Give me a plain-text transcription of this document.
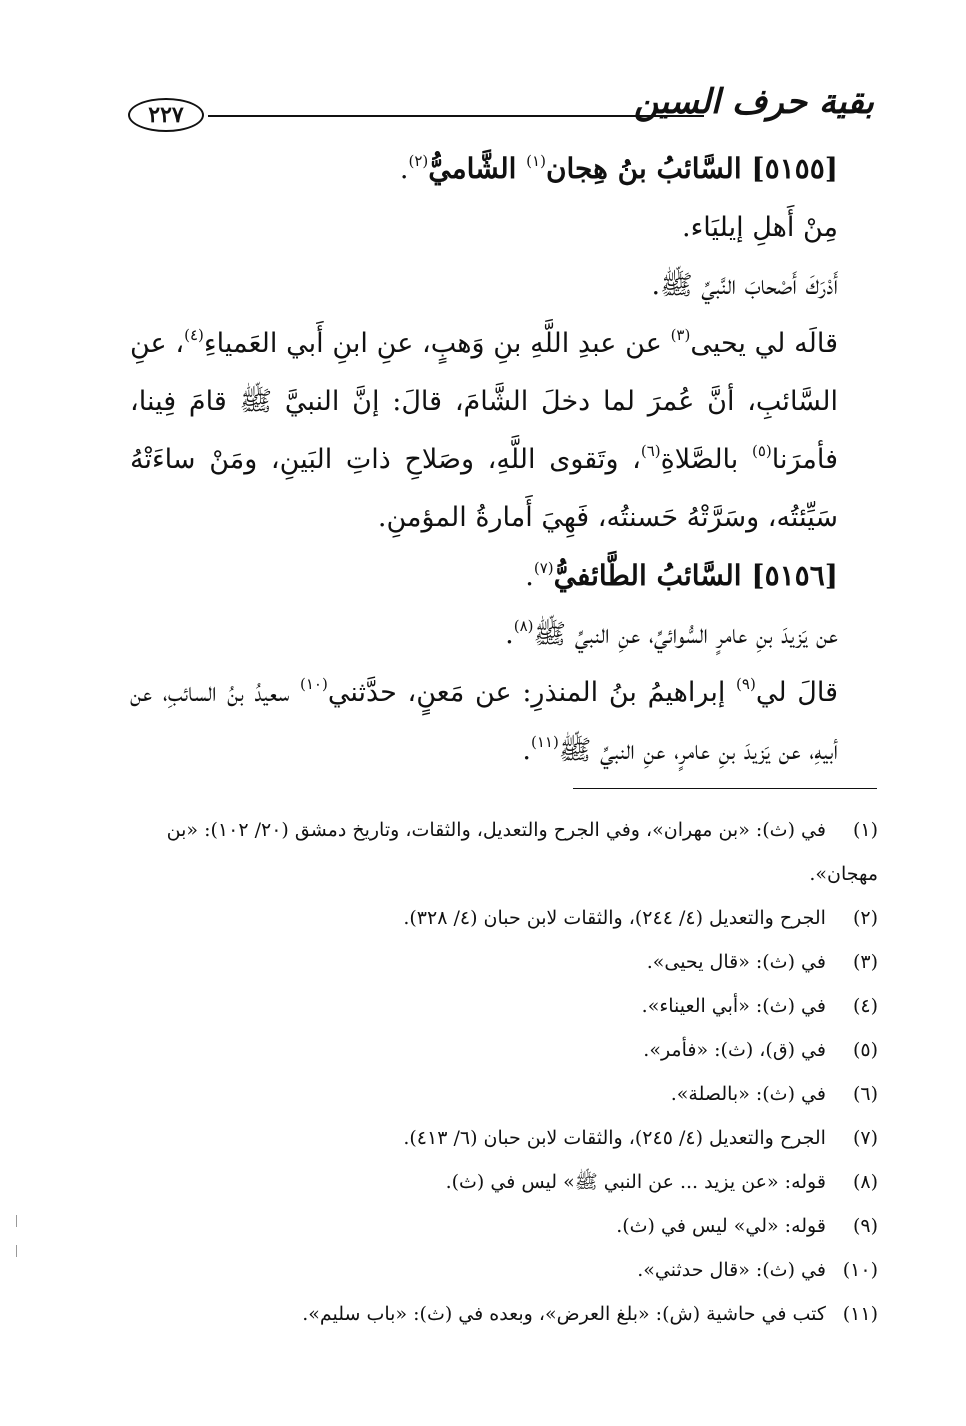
٢٢٧	بقية حرف السين

[٥١٥٥] السَّائبُ بنُ هِجان$^{(١)}$ الشَّاميُّ$^{(٢)}$.

مِنْ أَهلِ إيليَاء.

أَدْرَكَ أَصْحابَ النَّبيِّ ﷺ.

قالَه لي يحيى$^{(٣)}$ عن عبدِ اللَّهِ بنِ وَهبٍ، عنِ ابنِ أَبي العَمياءِ$^{(٤)}$، عنِ السَّائبِ، أنَّ عُمرَ لما دخلَ الشَّامَ، قالَ: إنَّ النبيَّ ﷺ قامَ فِينا، فأمرَنا$^{(٥)}$ بالصَّلاةِ$^{(٦)}$، وتَقوى اللَّهِ، وصَلاحِ ذاتِ البَينِ، ومَنْ ساءَتْهُ سَيِّئتُه، وسَرَّتْهُ حَسنتُه، فَهِيَ أَمارةُ المؤمنِ.

[٥١٥٦] السَّائبُ الطَّائفيُّ$^{(٧)}$.

عن يَزيدَ بنِ عامرٍ السُّوائيِّ، عنِ النبيِّ ﷺ$^{(٨)}$.

قالَ لي$^{(٩)}$ إبراهيمُ بنُ المنذرِ: عن مَعنٍ، حدَّثني$^{(١٠)}$ سعيدُ بنُ السائبِ، عن أبيهِ، عن يَزيدَ بنِ عامرٍ، عنِ النبيِّ ﷺ$^{(١١)}$.

(١) في (ث): «بن مهران»، وفي الجرح والتعديل، والثقات، وتاريخ دمشق (٢٠/ ١٠٢): «بن مهجان».

(٢) الجرح والتعديل (٤/ ٢٤٤)، والثقات لابن حبان (٤/ ٣٢٨).

(٣) في (ث): «قال يحيى».

(٤) في (ث): «أبي العيناء».

(٥) في (ق)، (ث): «فأمر».

(٦) في (ث): «بالصلة».

(٧) الجرح والتعديل (٤/ ٢٤٥)، والثقات لابن حبان (٦/ ٤١٣).

(٨) قوله: «عن يزيد ... عن النبي ﷺ» ليس في (ث).

(٩) قوله: «لي» ليس في (ث).

(١٠) في (ث): «قال حدثني».

(١١) كتب في حاشية (ش): «بلغ العرض»، وبعده في (ث): «باب سليم».
